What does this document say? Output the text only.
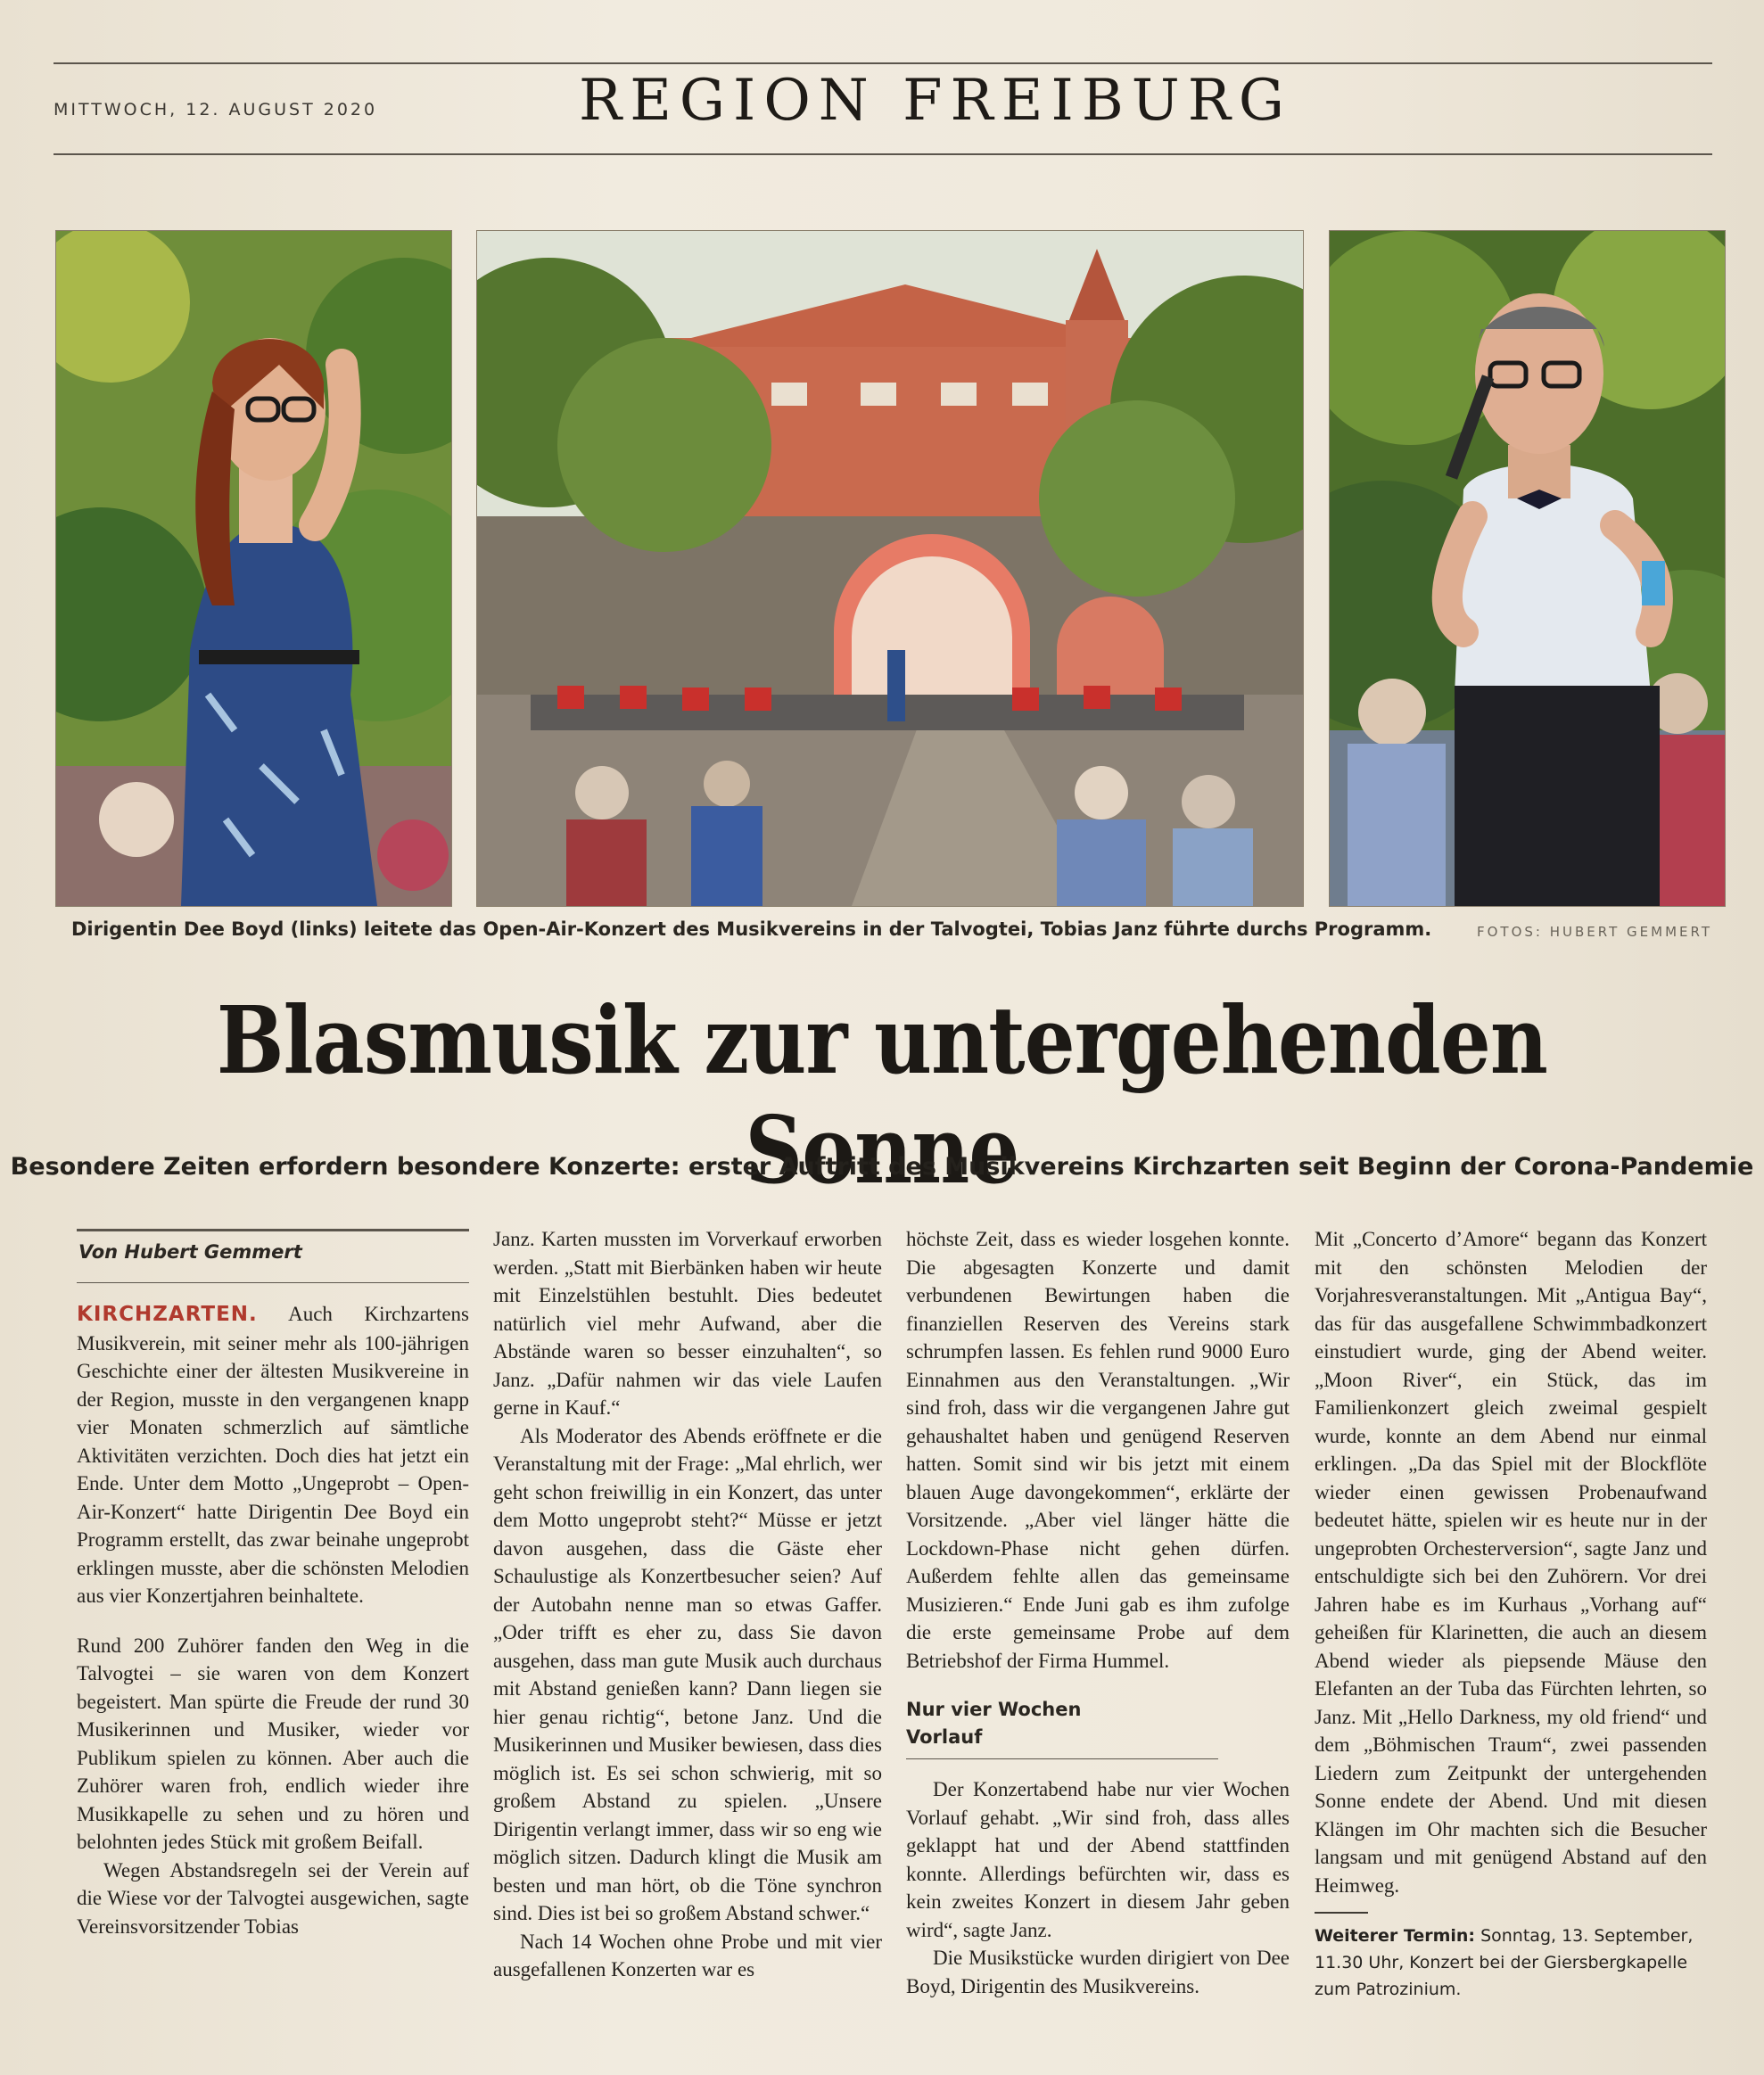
MITTWOCH, 12. AUGUST 2020	REGION FREIBURG
Dirigentin Dee Boyd (links) leitete das Open-Air-Konzert des Musikvereins in der Talvogtei, Tobias Janz führte durchs Programm.	FOTOS: HUBERT GEMMERT
Blasmusik zur untergehenden Sonne
Besondere Zeiten erfordern besondere Konzerte: erster Auftritt des Musikvereins Kirchzarten seit Beginn der Corona-Pandemie
Von Hubert Gemmert

KIRCHZARTEN. Auch Kirchzartens Musikverein, mit seiner mehr als 100-jährigen Geschichte einer der ältesten Musikvereine in der Region, musste in den vergangenen knapp vier Monaten schmerzlich auf sämtliche Aktivitäten verzichten. Doch dies hat jetzt ein Ende. Unter dem Motto „Ungeprobt – Open-Air-Konzert“ hatte Dirigentin Dee Boyd ein Programm erstellt, das zwar beinahe ungeprobt erklingen musste, aber die schönsten Melodien aus vier Konzertjahren beinhaltete.

Rund 200 Zuhörer fanden den Weg in die Talvogtei – sie waren von dem Konzert begeistert. Man spürte die Freude der rund 30 Musikerinnen und Musiker, wieder vor Publikum spielen zu können. Aber auch die Zuhörer waren froh, endlich wieder ihre Musikkapelle zu sehen und zu hören und belohnten jedes Stück mit großem Beifall.

Wegen Abstandsregeln sei der Verein auf die Wiese vor der Talvogtei ausgewichen, sagte Vereinsvorsitzender Tobias

Janz. Karten mussten im Vorverkauf erworben werden. „Statt mit Bierbänken haben wir heute mit Einzelstühlen bestuhlt. Dies bedeutet natürlich viel mehr Aufwand, aber die Abstände waren so besser einzuhalten“, so Janz. „Dafür nahmen wir das viele Laufen gerne in Kauf.“

Als Moderator des Abends eröffnete er die Veranstaltung mit der Frage: „Mal ehrlich, wer geht schon freiwillig in ein Konzert, das unter dem Motto ungeprobt steht?“ Müsse er jetzt davon ausgehen, dass die Gäste eher Schaulustige als Konzertbesucher seien? Auf der Autobahn nenne man so etwas Gaffer. „Oder trifft es eher zu, dass Sie davon ausgehen, dass man gute Musik auch durchaus mit Abstand genießen kann? Dann liegen sie hier genau richtig“, betone Janz. Und die Musikerinnen und Musiker bewiesen, dass dies möglich ist. Es sei schon schwierig, mit so großem Abstand zu spielen. „Unsere Dirigentin verlangt immer, dass wir so eng wie möglich sitzen. Dadurch klingt die Musik am besten und man hört, ob die Töne synchron sind. Dies ist bei so großem Abstand schwer.“

Nach 14 Wochen ohne Probe und mit vier ausgefallenen Konzerten war es

höchste Zeit, dass es wieder losgehen konnte. Die abgesagten Konzerte und damit verbundenen Bewirtungen haben die finanziellen Reserven des Vereins stark schrumpfen lassen. Es fehlen rund 9000 Euro Einnahmen aus den Veranstaltungen. „Wir sind froh, dass wir die vergangenen Jahre gut gehaushaltet haben und genügend Reserven hatten. Somit sind wir bis jetzt mit einem blauen Auge davongekommen“, erklärte der Vorsitzende. „Aber viel länger hätte die Lockdown-Phase nicht gehen dürfen. Außerdem fehlte allen das gemeinsame Musizieren.“ Ende Juni gab es ihm zufolge die erste gemeinsame Probe auf dem Betriebshof der Firma Hummel.

Nur vier Wochen Vorlauf

Der Konzertabend habe nur vier Wochen Vorlauf gehabt. „Wir sind froh, dass alles geklappt hat und der Abend stattfinden konnte. Allerdings befürchten wir, dass es kein zweites Konzert in diesem Jahr geben wird“, sagte Janz.

Die Musikstücke wurden dirigiert von Dee Boyd, Dirigentin des Musikvereins.

Mit „Concerto d’Amore“ begann das Konzert mit den schönsten Melodien der Vorjahresveranstaltungen. Mit „Antigua Bay“, das für das ausgefallene Schwimmbadkonzert einstudiert wurde, ging der Abend weiter. „Moon River“, ein Stück, das im Familienkonzert gleich zweimal gespielt wurde, konnte an dem Abend nur einmal erklingen. „Da das Spiel mit der Blockflöte wieder einen gewissen Probenaufwand bedeutet hätte, spielen wir es heute nur in der ungeprobten Orchesterversion“, sagte Janz und entschuldigte sich bei den Zuhörern. Vor drei Jahren habe es im Kurhaus „Vorhang auf“ geheißen für Klarinetten, die auch an diesem Abend wieder als piepsende Mäuse den Elefanten an der Tuba das Fürchten lehrten, so Janz. Mit „Hello Darkness, my old friend“ und dem „Böhmischen Traum“, zwei passenden Liedern zum Zeitpunkt der untergehenden Sonne endete der Abend. Und mit diesen Klängen im Ohr machten sich die Besucher langsam und mit genügend Abstand auf den Heimweg.

Weiterer Termin: Sonntag, 13. September, 11.30 Uhr, Konzert bei der Giersbergkapelle zum Patrozinium.
